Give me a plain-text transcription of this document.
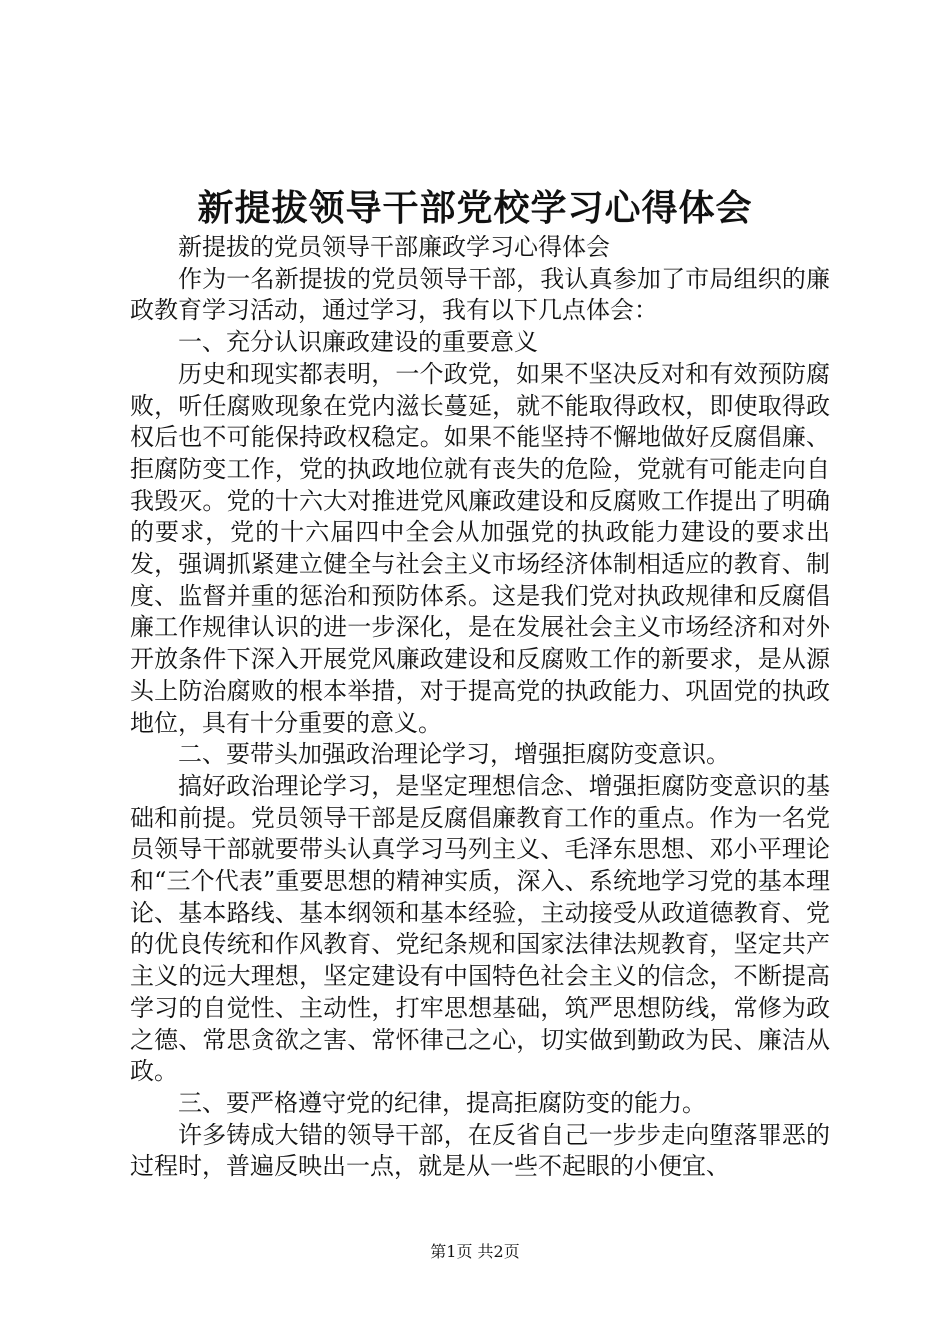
新提拔领导干部党校学习心得体会

新提拔的党员领导干部廉政学习心得体会

作为一名新提拔的党员领导干部，我认真参加了市局组织的廉政教育学习活动，通过学习，我有以下几点体会：

一、充分认识廉政建设的重要意义

历史和现实都表明，一个政党，如果不坚决反对和有效预防腐败，听任腐败现象在党内滋长蔓延，就不能取得政权，即使取得政权后也不可能保持政权稳定。如果不能坚持不懈地做好反腐倡廉、拒腐防变工作，党的执政地位就有丧失的危险，党就有可能走向自我毁灭。党的十六大对推进党风廉政建设和反腐败工作提出了明确的要求，党的十六届四中全会从加强党的执政能力建设的要求出发，强调抓紧建立健全与社会主义市场经济体制相适应的教育、制度、监督并重的惩治和预防体系。这是我们党对执政规律和反腐倡廉工作规律认识的进一步深化，是在发展社会主义市场经济和对外开放条件下深入开展党风廉政建设和反腐败工作的新要求，是从源头上防治腐败的根本举措，对于提高党的执政能力、巩固党的执政地位，具有十分重要的意义。

二、要带头加强政治理论学习，增强拒腐防变意识。

搞好政治理论学习，是坚定理想信念、增强拒腐防变意识的基础和前提。党员领导干部是反腐倡廉教育工作的重点。作为一名党员领导干部就要带头认真学习马列主义、毛泽东思想、邓小平理论和“三个代表”重要思想的精神实质，深入、系统地学习党的基本理论、基本路线、基本纲领和基本经验，主动接受从政道德教育、党的优良传统和作风教育、党纪条规和国家法律法规教育，坚定共产主义的远大理想，坚定建设有中国特色社会主义的信念，不断提高学习的自觉性、主动性，打牢思想基础，筑严思想防线，常修为政之德、常思贪欲之害、常怀律己之心，切实做到勤政为民、廉洁从政。

三、要严格遵守党的纪律，提高拒腐防变的能力。

许多铸成大错的领导干部，在反省自己一步步走向堕落罪恶的过程时，普遍反映出一点，就是从一些不起眼的小便宜、

第1页 共2页
